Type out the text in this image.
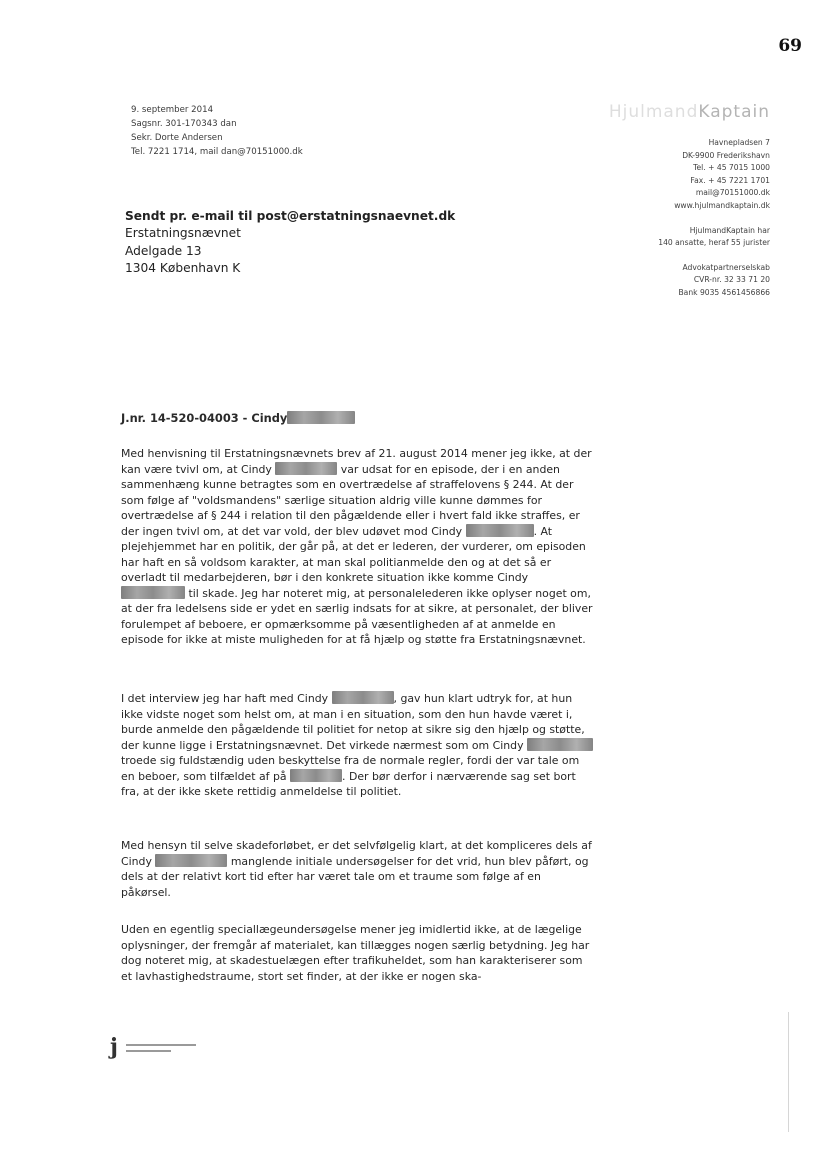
69
9. september 2014
Sagsnr. 301-170343 dan
Sekr. Dorte Andersen
Tel. 7221 1714, mail dan@70151000.dk
HjulmandKaptain
Havnepladsen 7
DK-9900 Frederikshavn
Tel. + 45 7015 1000
Fax. + 45 7221 1701
mail@70151000.dk
www.hjulmandkaptain.dk
HjulmandKaptain har
140 ansatte, heraf 55 jurister
Advokatpartnerselskab
CVR-nr. 32 33 71 20
Bank 9035 4561456866
Sendt pr. e-mail til post@erstatningsnaevnet.dk
Erstatningsnævnet
Adelgade 13
1304 København K
J.nr. 14-520-04003 - Cindy
Med henvisning til Erstatningsnævnets brev af 21. august 2014 mener jeg ikke, at der kan være tvivl om, at Cindy	var udsat for en episode, der i en anden sammenhæng kunne betragtes som en overtrædelse af straffelovens § 244. At der som følge af "voldsmandens" særlige situation aldrig ville kunne dømmes for overtrædelse af § 244 i relation til den pågældende eller i hvert fald ikke straffes, er der ingen tvivl om, at det var vold, der blev udøvet mod Cindy	. At plejehjemmet har en politik, der går på, at det er lederen, der vurderer, om episoden har haft en så voldsom karakter, at man skal politianmelde den og at det så er overladt til medarbejderen, bør i den konkrete situation ikke komme Cindy  til skade. Jeg har noteret mig, at personalelederen ikke oplyser noget om, at der fra ledelsens side er ydet en særlig indsats for at sikre, at personalet, der bliver forulempet af beboere, er opmærksomme på væsentligheden af at anmelde en episode for ikke at miste muligheden for at få hjælp og støtte fra Erstatningsnævnet.
I det interview jeg har haft med Cindy	, gav hun klart udtryk for, at hun ikke vidste noget som helst om, at man i en situation, som den hun havde været i, burde anmelde den pågældende til politiet for netop at sikre sig den hjælp og støtte, der kunne ligge i Erstatningsnævnet. Det virkede nærmest som om Cindy  troede sig fuldstændig uden beskyttelse fra de normale regler, fordi der var tale om en beboer, som tilfældet af på	. Der bør derfor i nærværende sag set bort fra, at der ikke skete rettidig anmeldelse til politiet.
Med hensyn til selve skadeforløbet, er det selvfølgelig klart, at det kompliceres dels af Cindy	manglende initiale undersøgelser for det vrid, hun blev påført, og dels at der relativt kort tid efter har været tale om et traume som følge af en påkørsel.
Uden en egentlig speciallægeundersøgelse mener jeg imidlertid ikke, at de lægelige oplysninger, der fremgår af materialet, kan tillægges nogen særlig betydning. Jeg har dog noteret mig, at skadestuelægen efter trafikuheldet, som han karakteriserer som et lavhastighedstraume, stort set finder, at der ikke er nogen ska-
j
